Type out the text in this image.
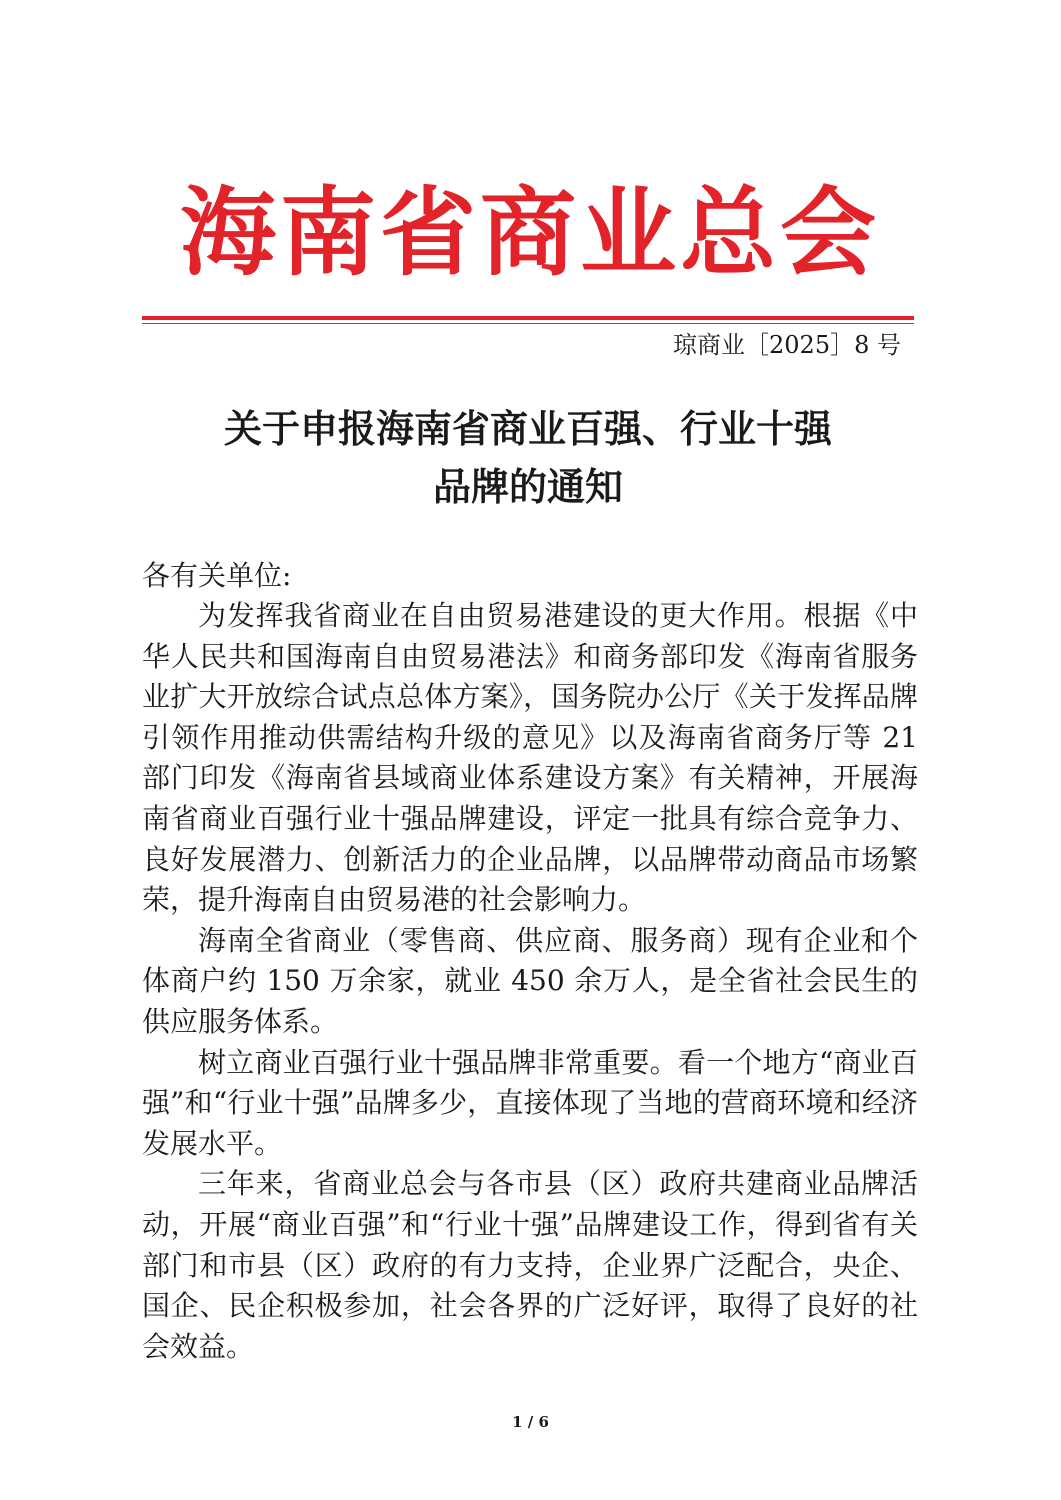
海南省商业总会
琼商业［2025］8 号
关于申报海南省商业百强、行业十强
品牌的通知
各有关单位:

为发挥我省商业在自由贸易港建设的更大作用。根据《中华人民共和国海南自由贸易港法》和商务部印发《海南省服务业扩大开放综合试点总体方案》，国务院办公厅《关于发挥品牌引领作用推动供需结构升级的意见》以及海南省商务厅等 21 部门印发《海南省县域商业体系建设方案》有关精神，开展海南省商业百强行业十强品牌建设，评定一批具有综合竞争力、良好发展潜力、创新活力的企业品牌，以品牌带动商品市场繁荣，提升海南自由贸易港的社会影响力。

海南全省商业（零售商、供应商、服务商）现有企业和个体商户约 150 万余家，就业 450 余万人，是全省社会民生的供应服务体系。

树立商业百强行业十强品牌非常重要。看一个地方“商业百强”和“行业十强”品牌多少，直接体现了当地的营商环境和经济发展水平。

三年来，省商业总会与各市县（区）政府共建商业品牌活动，开展“商业百强”和“行业十强”品牌建设工作，得到省有关部门和市县（区）政府的有力支持，企业界广泛配合，央企、国企、民企积极参加，社会各界的广泛好评，取得了良好的社会效益。

1 / 6
